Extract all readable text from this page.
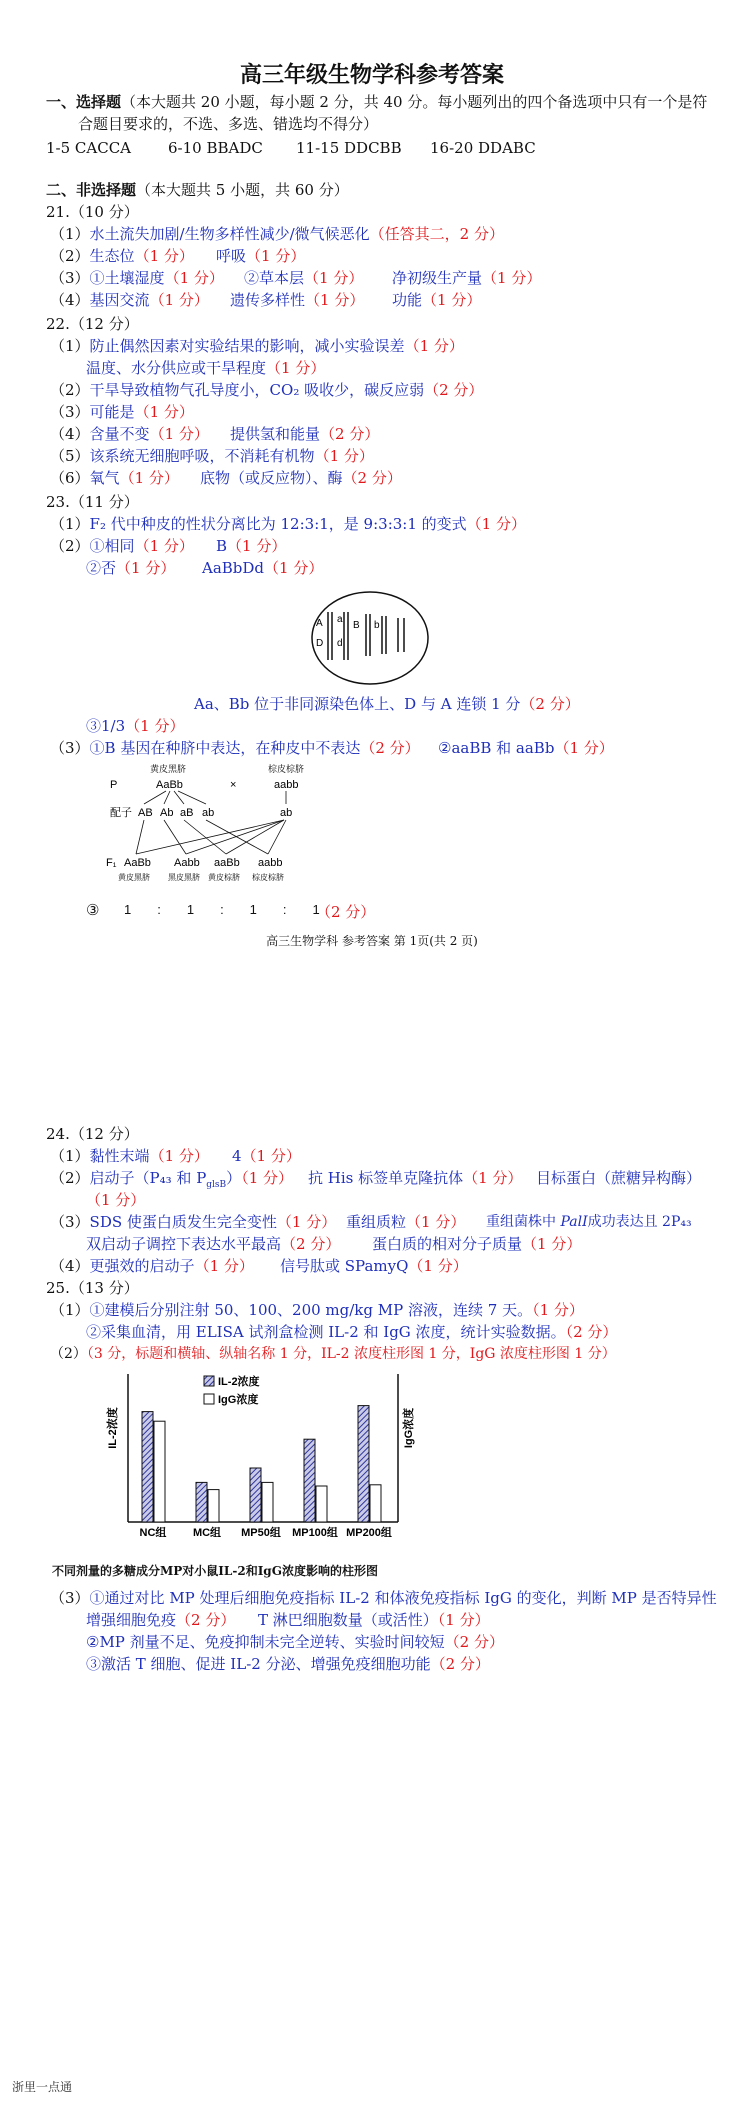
高三年级生物学科参考答案
一、选择题（本大题共 20 小题，每小题 2 分，共 40 分。每小题列出的四个备选项中只有一个是符
合题目要求的，不选、多选、错选均不得分）
1-5 CACCA 6-10 BBADC 11-15 DDCBB 16-20 DDABC
二、非选择题（本大题共 5 小题，共 60 分）
21.（10 分）
（1）水土流失加剧/生物多样性减少/微气候恶化（任答其二，2 分）
（2）生态位（1 分） 呼吸（1 分）
（3）①土壤湿度（1 分） ②草本层（1 分） 净初级生产量（1 分）
（4）基因交流（1 分） 遗传多样性（1 分） 功能（1 分）
22.（12 分）
（1）防止偶然因素对实验结果的影响，减小实验误差（1 分）
温度、水分供应或干旱程度（1 分）
（2）干旱导致植物气孔导度小，CO₂ 吸收少，碳反应弱（2 分）
（3）可能是（1 分）
（4）含量不变（1 分） 提供氢和能量（2 分）
（5）该系统无细胞呼吸，不消耗有机物（1 分）
（6）氧气（1 分） 底物（或反应物）、酶（2 分）
23.（11 分）
（1）F₂ 代中种皮的性状分离比为 12:3:1，是 9:3:3:1 的变式（1 分）
（2）①相同（1 分） B（1 分）
②否（1 分） AaBbDd（1 分）
A a
B b
D d
Aa、Bb 位于非同源染色体上、D 与 A 连锁 1 分（2 分）
③1/3（1 分）
（3）①B 基因在种脐中表达，在种皮中不表达（2 分） ②aaBB 和 aaBb（1 分）
黄皮黑脐	棕皮棕脐
P	AaBb	×	aabb
配子 AB Ab aB ab	ab
F₁ AaBb Aabb aaBb aabb
黄皮黑脐 黑皮黑脐 黄皮棕脐 棕皮棕脐
③ 1　　:　　1　　:　　1　　:　　1
（2 分）
高三生物学科 参考答案 第 1页(共 2 页)
24.（12 分）
（1）黏性末端（1 分） 4（1 分）
（2）启动子（P₄₃ 和 $P_{glsB})(1$ 分） 抗 His 标签单克隆抗体（1 分） 目标蛋白（蔗糖异构酶）
（1 分）
（3）SDS 使蛋白质发生完全变性（1 分） 重组质粒（1 分） 重组菌株中 PalI成功表达且 2P₄₃
双启动子调控下表达水平最高（2 分） 蛋白质的相对分子质量（1 分）
（4）更强效的启动子（1 分） 信号肽或 SPamyQ（1 分）
25.（13 分）
（1）①建模后分别注射 50、100、200 mg/kg MP 溶液，连续 7 天。（1 分）
②采集血清，用 ELISA 试剂盒检测 IL-2 和 IgG 浓度，统计实验数据。（2 分）
（2）（3 分，标题和横轴、纵轴名称 1 分，IL-2 浓度柱形图 1 分，IgG 浓度柱形图 1 分）
IL-2浓度	IgG浓度
IL-2浓度
IgG浓度
NC组 MC组 MP50组 MP100组 MP200组
不同剂量的多糖成分MP对小鼠IL-2和IgG浓度影响的柱形图
（3）①通过对比 MP 处理后细胞免疫指标 IL-2 和体液免疫指标 IgG 的变化，判断 MP 是否特异性
增强细胞免疫（2 分） T 淋巴细胞数量（或活性）（1 分）
②MP 剂量不足、免疫抑制未完全逆转、实验时间较短（2 分）
③激活 T 细胞、促进 IL-2 分泌、增强免疫细胞功能（2 分）
浙里一点通
